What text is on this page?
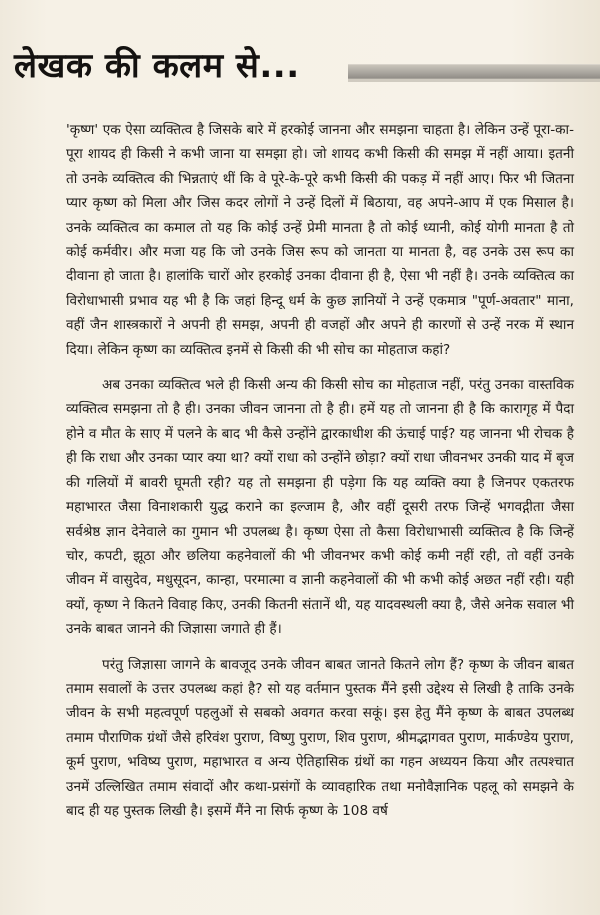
लेखक की कलम से...

'कृष्ण' एक ऐसा व्यक्तित्व है जिसके बारे में हरकोई जानना और समझना चाहता है। लेकिन उन्हें पूरा-का-पूरा शायद ही किसी ने कभी जाना या समझा हो। जो शायद कभी किसी की समझ में नहीं आया। इतनी तो उनके व्यक्तित्व की भिन्नताएं थीं कि वे पूरे-के-पूरे कभी किसी की पकड़ में नहीं आए। फिर भी जितना प्यार कृष्ण को मिला और जिस कदर लोगों ने उन्हें दिलों में बिठाया, वह अपने-आप में एक मिसाल है। उनके व्यक्तित्व का कमाल तो यह कि कोई उन्हें प्रेमी मानता है तो कोई ध्यानी, कोई योगी मानता है तो कोई कर्मवीर। और मजा यह कि जो उनके जिस रूप को जानता या मानता है, वह उनके उस रूप का दीवाना हो जाता है। हालांकि चारों ओर हरकोई उनका दीवाना ही है, ऐसा भी नहीं है। उनके व्यक्तित्व का विरोधाभासी प्रभाव यह भी है कि जहां हिन्दू धर्म के कुछ ज्ञानियों ने उन्हें एकमात्र "पूर्ण-अवतार" माना, वहीं जैन शास्त्रकारों ने अपनी ही समझ, अपनी ही वजहों और अपने ही कारणों से उन्हें नरक में स्थान दिया। लेकिन कृष्ण का व्यक्तित्व इनमें से किसी की भी सोच का मोहताज कहां?

अब उनका व्यक्तित्व भले ही किसी अन्य की किसी सोच का मोहताज नहीं, परंतु उनका वास्तविक व्यक्तित्व समझना तो है ही। उनका जीवन जानना तो है ही। हमें यह तो जानना ही है कि कारागृह में पैदा होने व मौत के साए में पलने के बाद भी कैसे उन्होंने द्वारकाधीश की ऊंचाई पाई? यह जानना भी रोचक है ही कि राधा और उनका प्यार क्या था? क्यों राधा को उन्होंने छोड़ा? क्यों राधा जीवनभर उनकी याद में बृज की गलियों में बावरी घूमती रही? यह तो समझना ही पड़ेगा कि यह व्यक्ति क्या है जिनपर एकतरफ महाभारत जैसा विनाशकारी युद्ध कराने का इल्जाम है, और वहीं दूसरी तरफ जिन्हें भगवद्गीता जैसा सर्वश्रेष्ठ ज्ञान देनेवाले का गुमान भी उपलब्ध है। कृष्ण ऐसा तो कैसा विरोधाभासी व्यक्तित्व है कि जिन्हें चोर, कपटी, झूठा और छलिया कहनेवालों की भी जीवनभर कभी कोई कमी नहीं रही, तो वहीं उनके जीवन में वासुदेव, मधुसूदन, कान्हा, परमात्मा व ज्ञानी कहनेवालों की भी कभी कोई अछत नहीं रही। यही क्यों, कृष्ण ने कितने विवाह किए, उनकी कितनी संतानें थी, यह यादवस्थली क्या है, जैसे अनेक सवाल भी उनके बाबत जानने की जिज्ञासा जगाते ही हैं।

परंतु जिज्ञासा जागने के बावजूद उनके जीवन बाबत जानते कितने लोग हैं? कृष्ण के जीवन बाबत तमाम सवालों के उत्तर उपलब्ध कहां है? सो यह वर्तमान पुस्तक मैंने इसी उद्देश्य से लिखी है ताकि उनके जीवन के सभी महत्वपूर्ण पहलुओं से सबको अवगत करवा सकूं। इस हेतु मैंने कृष्ण के बाबत उपलब्ध तमाम पौराणिक ग्रंथों जैसे हरिवंश पुराण, विष्णु पुराण, शिव पुराण, श्रीमद्भागवत पुराण, मार्कण्डेय पुराण, कूर्म पुराण, भविष्य पुराण, महाभारत व अन्य ऐतिहासिक ग्रंथों का गहन अध्ययन किया और तत्पश्चात उनमें उल्लिखित तमाम संवादों और कथा-प्रसंगों के व्यावहारिक तथा मनोवैज्ञानिक पहलू को समझने के बाद ही यह पुस्तक लिखी है। इसमें मैंने ना सिर्फ कृष्ण के 108 वर्ष
